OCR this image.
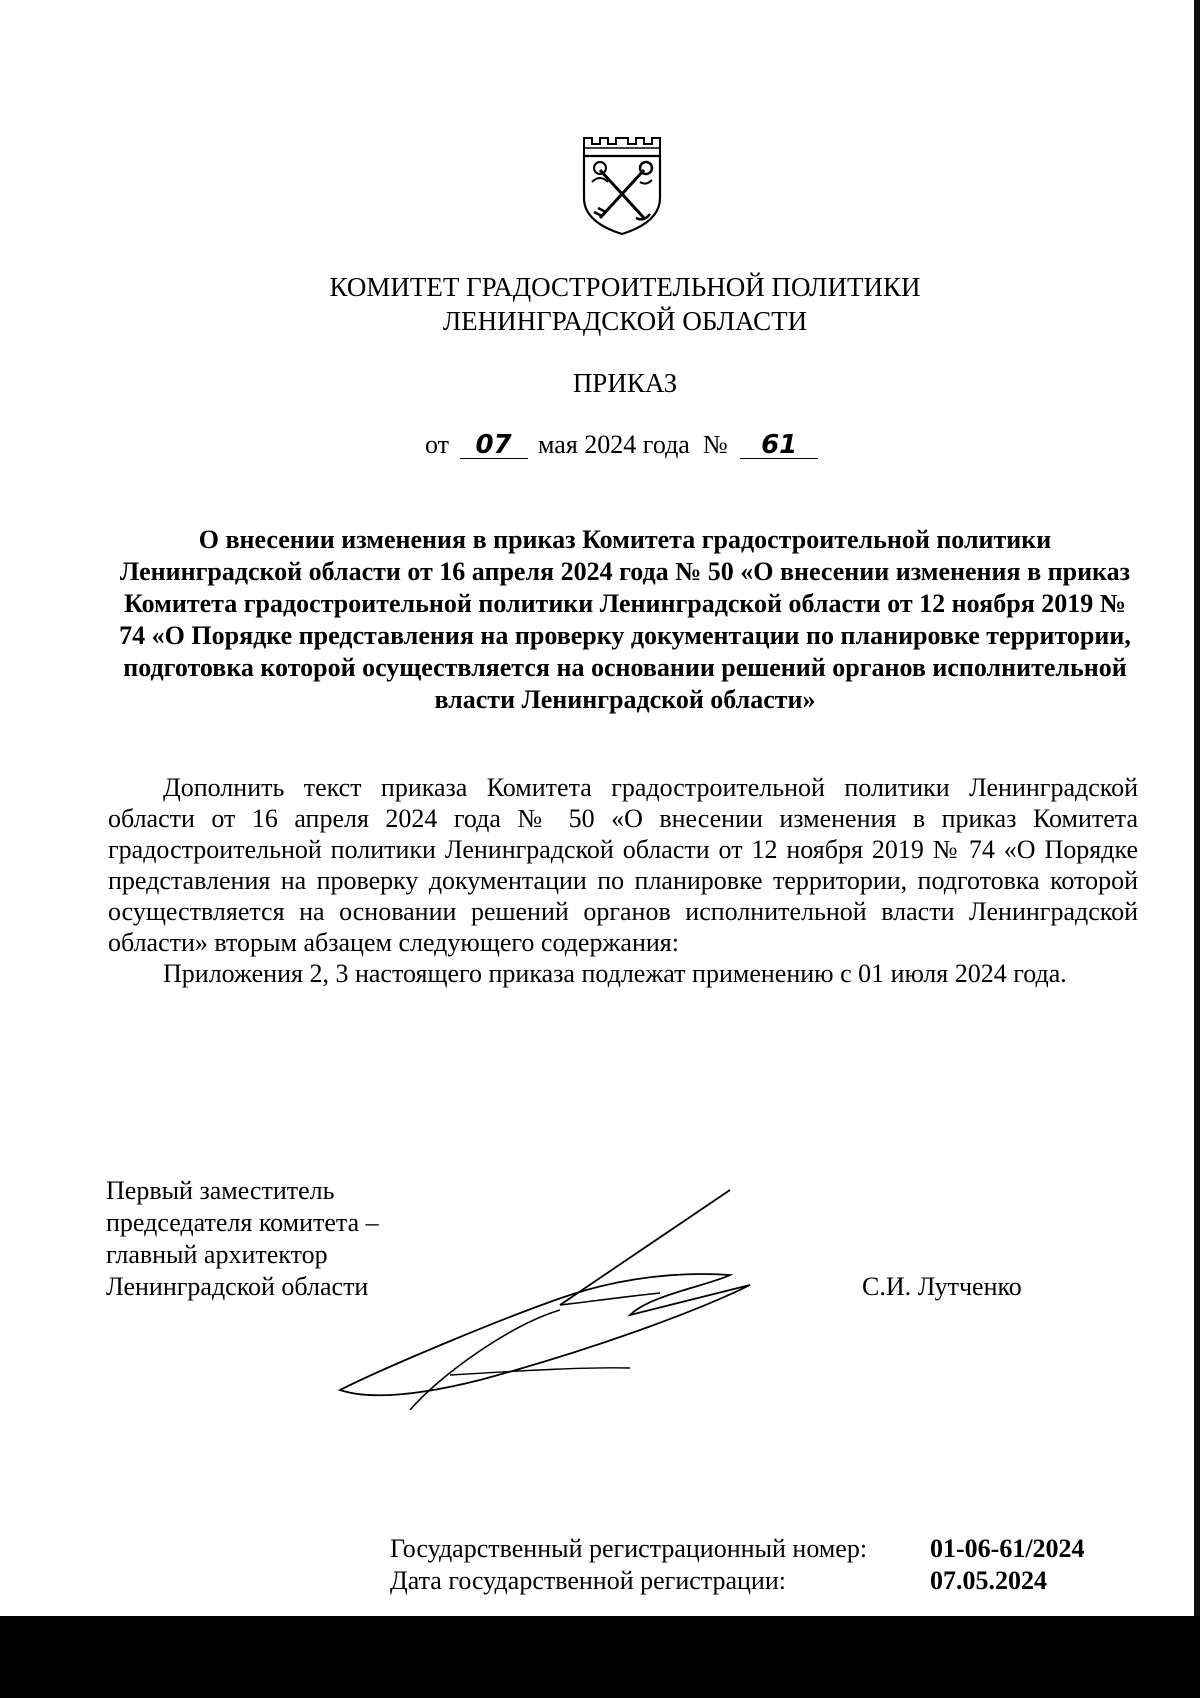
КОМИТЕТ ГРАДОСТРОИТЕЛЬНОЙ ПОЛИТИКИ
ЛЕНИНГРАДСКОЙ ОБЛАСТИ
ПРИКАЗ
от 07 мая 2024 года № 61
О внесении изменения в приказ Комитета градостроительной политики Ленинградской области от 16 апреля 2024 года № 50 «О внесении изменения в приказ Комитета градостроительной политики Ленинградской области от 12 ноября 2019 № 74 «О Порядке представления на проверку документации по планировке территории, подготовка которой осуществляется на основании решений органов исполнительной власти Ленинградской области»

Дополнить текст приказа Комитета градостроительной политики Ленинградской области от 16 апреля 2024 года № 50 «О внесении изменения в приказ Комитета градостроительной политики Ленинградской области от 12 ноября 2019 № 74 «О Порядке представления на проверку документации по планировке территории, подготовка которой осуществляется на основании решений органов исполнительной власти Ленинградской области» вторым абзацем следующего содержания:

Приложения 2, 3 настоящего приказа подлежат применению с 01 июля 2024 года.

Первый заместитель
председателя комитета –
главный архитектор
Ленинградской области	С.И. Лутченко
Государственный регистрационный номер: 01-06-61/2024
Дата государственной регистрации:	07.05.2024
